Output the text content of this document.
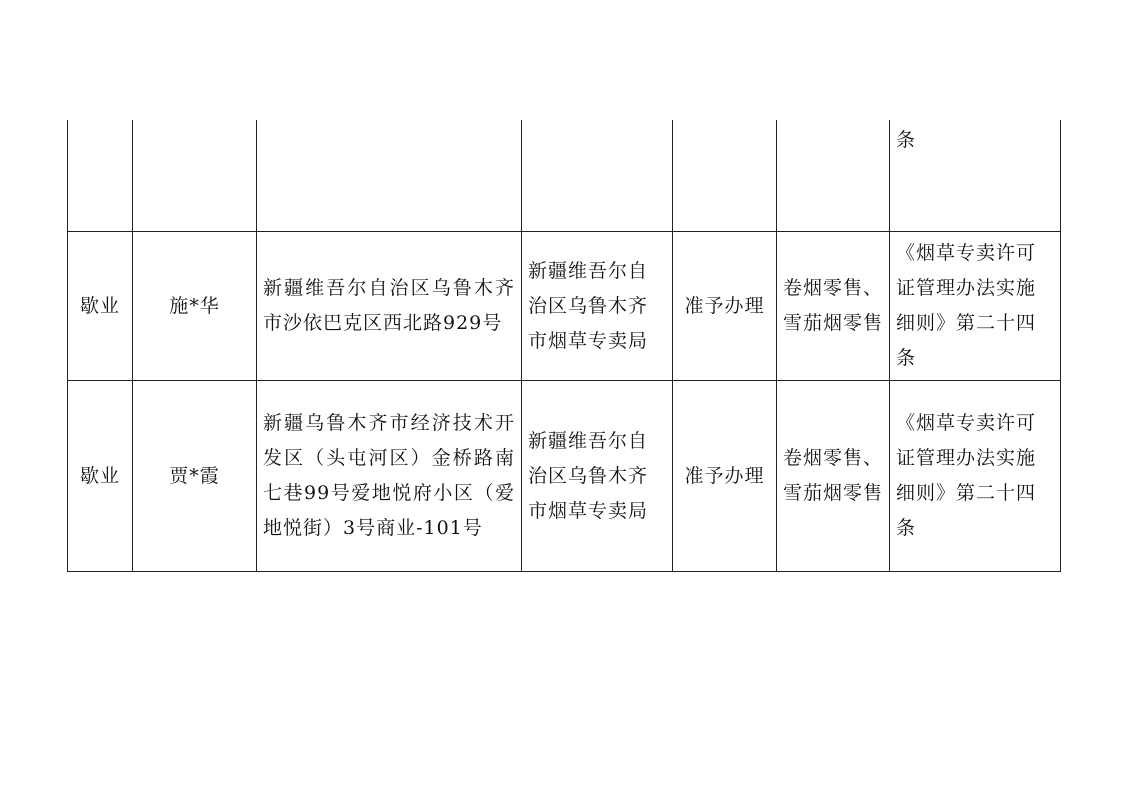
						条
歇业	施*华	新疆维吾尔自治区乌鲁木齐市沙依巴克区西北路929号	新疆维吾尔自治区乌鲁木齐市烟草专卖局	准予办理	卷烟零售、雪茄烟零售	《烟草专卖许可证管理办法实施细则》第二十四条
歇业	贾*霞	新疆乌鲁木齐市经济技术开发区（头屯河区）金桥路南七巷99号爱地悦府小区（爱地悦街）3号商业-101号	新疆维吾尔自治区乌鲁木齐市烟草专卖局	准予办理	卷烟零售、雪茄烟零售	《烟草专卖许可证管理办法实施细则》第二十四条
